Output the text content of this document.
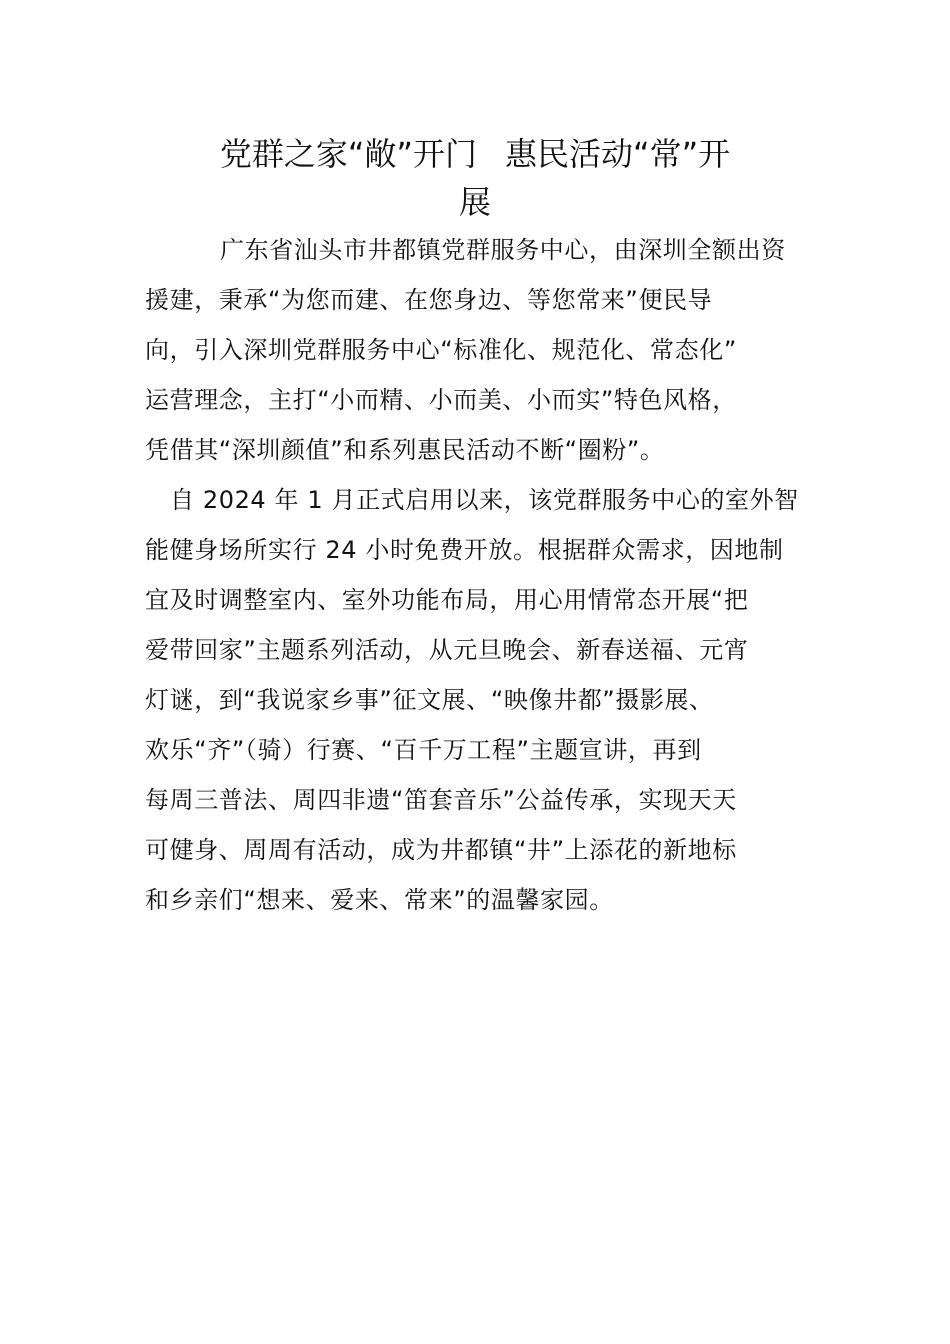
党群之家“敞”开门 惠民活动“常”开
展
广东省汕头市井都镇党群服务中心，由深圳全额出资
援建，秉承“为您而建、在您身边、等您常来”便民导
向，引入深圳党群服务中心“标准化、规范化、常态化”
运营理念，主打“小而精、小而美、小而实”特色风格，
凭借其“深圳颜值”和系列惠民活动不断“圈粉”。
自 2024 年 1 月正式启用以来，该党群服务中心的室外智
能健身场所实行 24 小时免费开放。根据群众需求，因地制
宜及时调整室内、室外功能布局，用心用情常态开展“把
爱带回家”主题系列活动，从元旦晚会、新春送福、元宵
灯谜，到“我说家乡事”征文展、“映像井都”摄影展、
欢乐“齐”（骑）行赛、“百千万工程”主题宣讲，再到
每周三普法、周四非遗“笛套音乐”公益传承，实现天天
可健身、周周有活动，成为井都镇“井”上添花的新地标
和乡亲们“想来、爱来、常来”的温馨家园。
